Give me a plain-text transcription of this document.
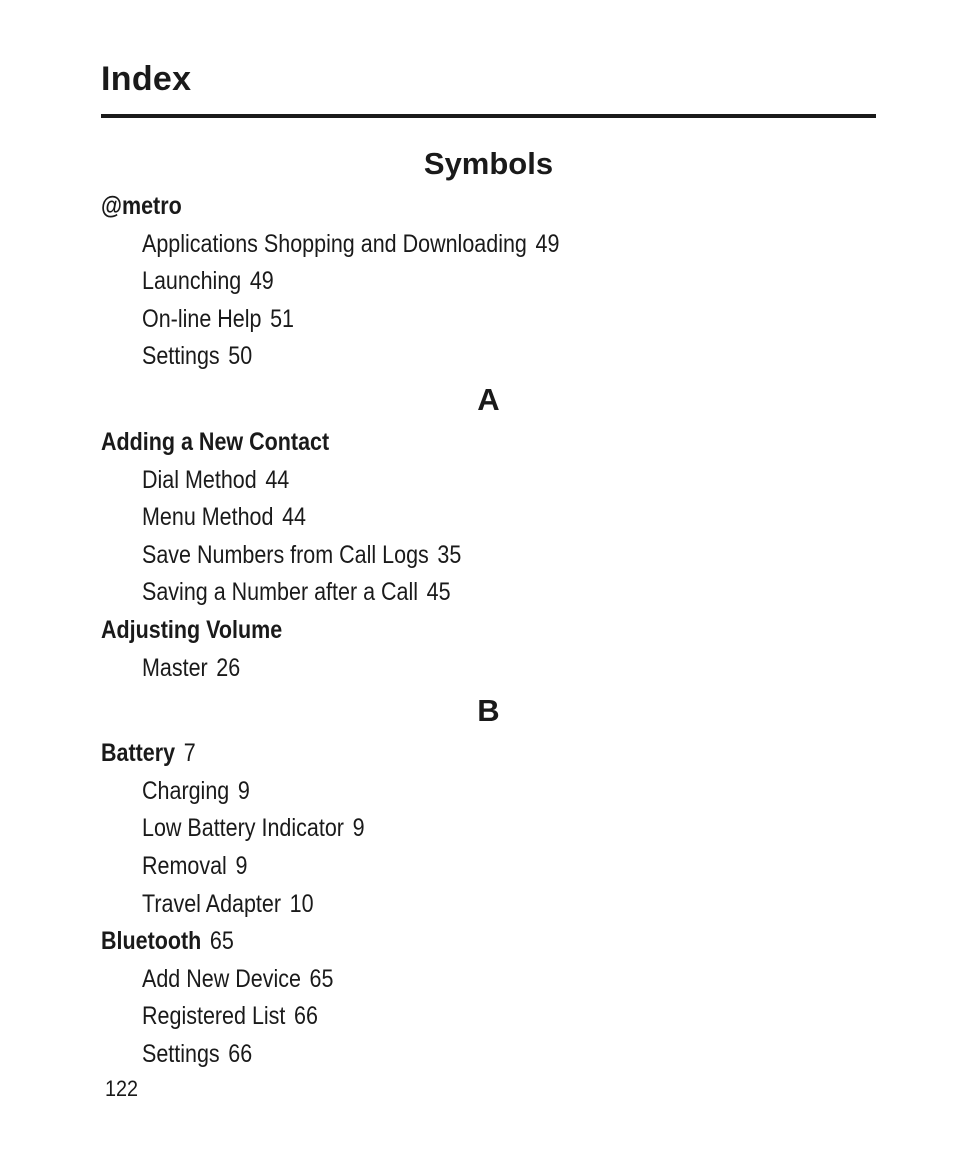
Index
Symbols
@metro
Applications Shopping and Downloading 49
Launching 49
On-line Help 51
Settings 50
A
Adding a New Contact
Dial Method 44
Menu Method 44
Save Numbers from Call Logs 35
Saving a Number after a Call 45
Adjusting Volume
Master 26
B
Battery 7
Charging 9
Low Battery Indicator 9
Removal 9
Travel Adapter 10
Bluetooth 65
Add New Device 65
Registered List 66
Settings 66
122
